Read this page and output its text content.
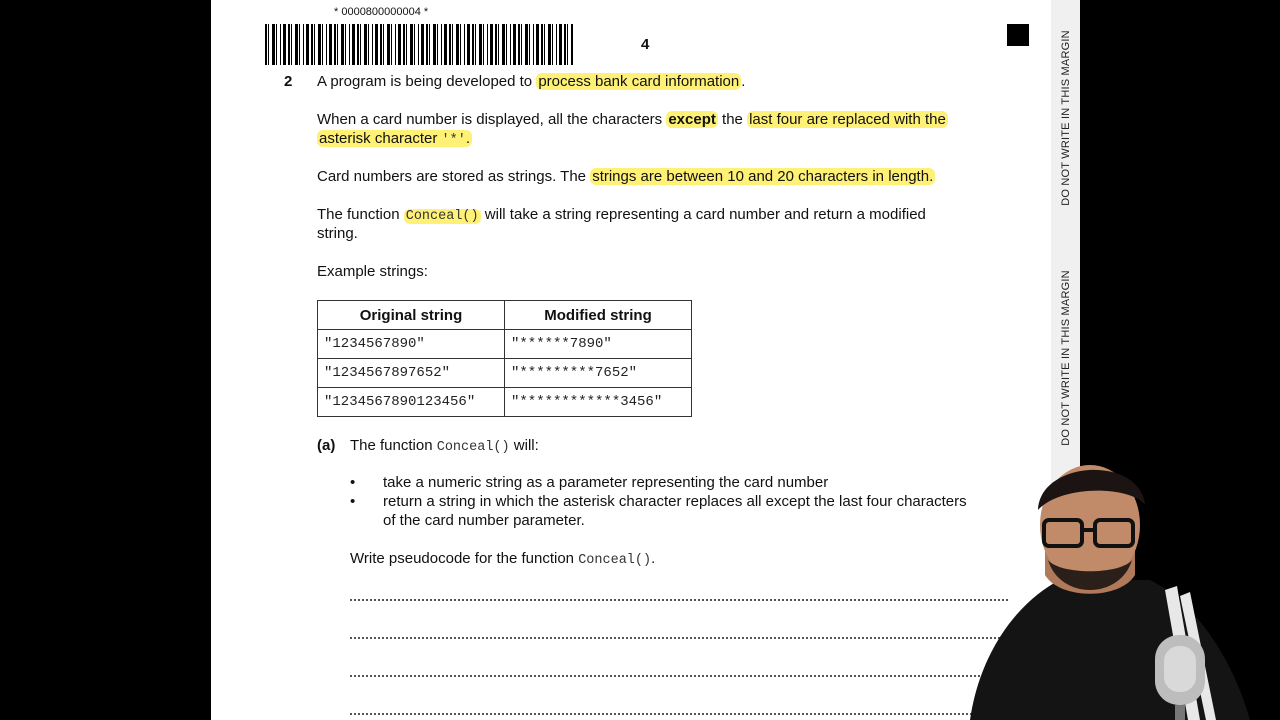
DO NOT WRITE IN THIS MARGIN
DO NOT WRITE IN THIS MARGIN
* 0000800000004 *
4
2 A program is being developed to process bank card information .
When a card number is displayed, all the characters except the last four are replaced with the
asterisk character '*'.
Card numbers are stored as strings. The strings are between 10 and 20 characters in length.
The function Conceal() will take a string representing a card number and return a modified
string.
Example strings:
Original string	Modified string
"1234567890"	"******7890"
"1234567897652"	"*********7652"
"1234567890123456"	"************3456"
(a) The function Conceal() will:
• take a numeric string as a parameter representing the card number
• return a string in which the asterisk character replaces all except the last four characters
of the card number parameter.
Write pseudocode for the function Conceal().
